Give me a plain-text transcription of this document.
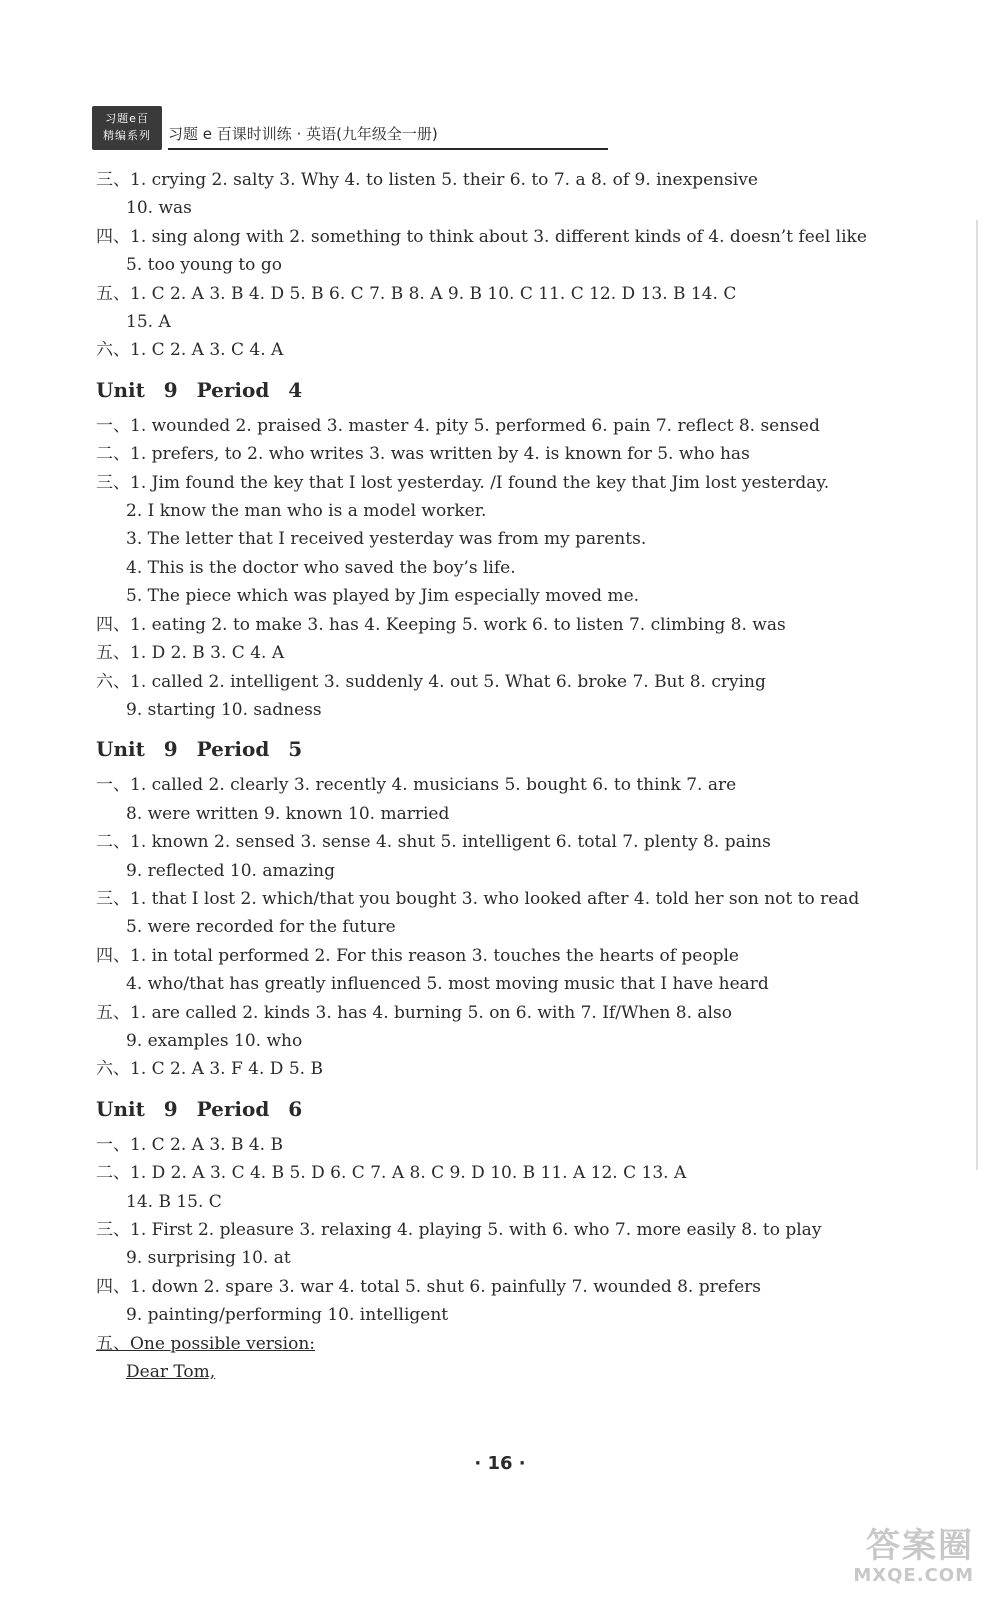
习题e百
精编系列	习题 e 百课时训练 · 英语(九年级全一册)
三、1. crying 2. salty 3. Why 4. to listen 5. their 6. to 7. a 8. of 9. inexpensive
10. was
四、1. sing along with 2. something to think about 3. different kinds of 4. doesn’t feel like
5. too young to go
五、1. C 2. A 3. B 4. D 5. B 6. C 7. B 8. A 9. B 10. C 11. C 12. D 13. B 14. C
15. A
六、1. C 2. A 3. C 4. A
Unit 9 Period 4
一、1. wounded 2. praised 3. master 4. pity 5. performed 6. pain 7. reflect 8. sensed
二、1. prefers, to 2. who writes 3. was written by 4. is known for 5. who has
三、1. Jim found the key that I lost yesterday. /I found the key that Jim lost yesterday.
2. I know the man who is a model worker.
3. The letter that I received yesterday was from my parents.
4. This is the doctor who saved the boy’s life.
5. The piece which was played by Jim especially moved me.
四、1. eating 2. to make 3. has 4. Keeping 5. work 6. to listen 7. climbing 8. was
五、1. D 2. B 3. C 4. A
六、1. called 2. intelligent 3. suddenly 4. out 5. What 6. broke 7. But 8. crying
9. starting 10. sadness
Unit 9 Period 5
一、1. called 2. clearly 3. recently 4. musicians 5. bought 6. to think 7. are
8. were written 9. known 10. married
二、1. known 2. sensed 3. sense 4. shut 5. intelligent 6. total 7. plenty 8. pains
9. reflected 10. amazing
三、1. that I lost 2. which/that you bought 3. who looked after 4. told her son not to read
5. were recorded for the future
四、1. in total performed 2. For this reason 3. touches the hearts of people
4. who/that has greatly influenced 5. most moving music that I have heard
五、1. are called 2. kinds 3. has 4. burning 5. on 6. with 7. If/When 8. also
9. examples 10. who
六、1. C 2. A 3. F 4. D 5. B
Unit 9 Period 6
一、1. C 2. A 3. B 4. B
二、1. D 2. A 3. C 4. B 5. D 6. C 7. A 8. C 9. D 10. B 11. A 12. C 13. A
14. B 15. C
三、1. First 2. pleasure 3. relaxing 4. playing 5. with 6. who 7. more easily 8. to play
9. surprising 10. at
四、1. down 2. spare 3. war 4. total 5. shut 6. painfully 7. wounded 8. prefers
9. painting/performing 10. intelligent
五、One possible version:
Dear Tom,
· 16 ·
答案圈
MXQE.COM
